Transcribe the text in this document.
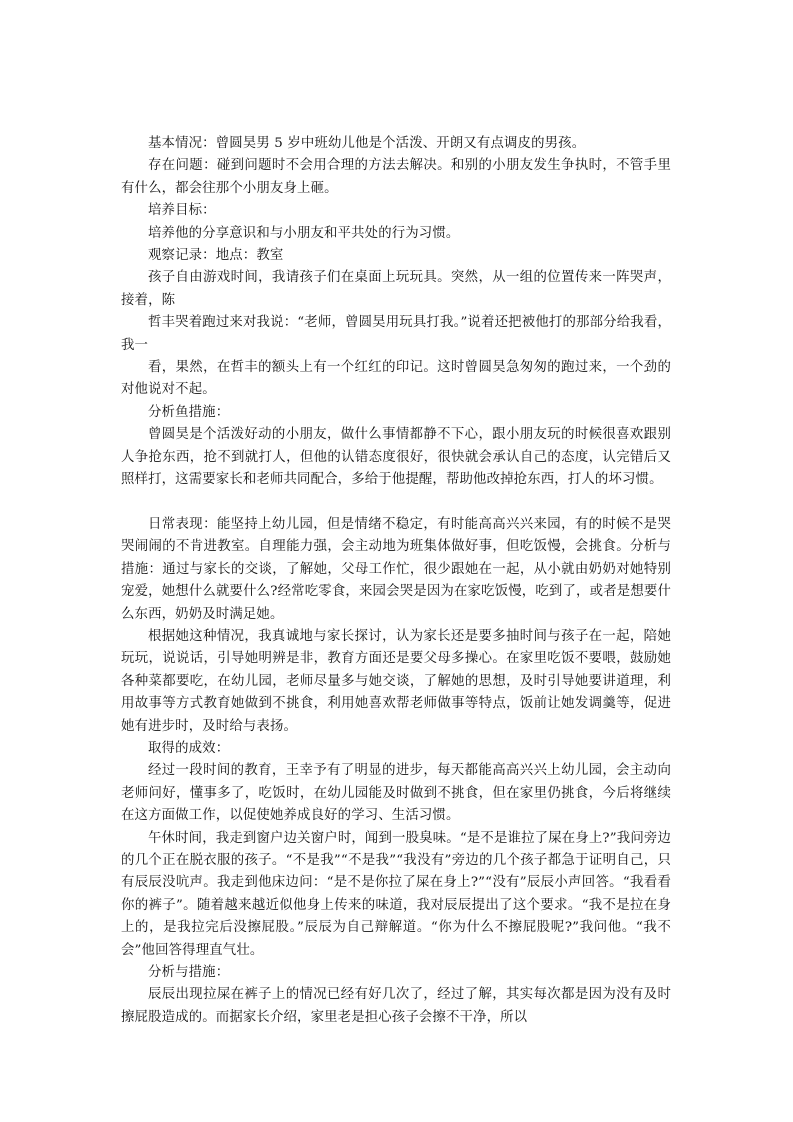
基本情况：曾圆昊男 5 岁中班幼儿他是个活泼、开朗又有点调皮的男孩。

存在问题：碰到问题时不会用合理的方法去解决。和别的小朋友发生争执时，不管手里有什么，都会往那个小朋友身上砸。

培养目标：

培养他的分享意识和与小朋友和平共处的行为习惯。

观察记录：地点：教室

孩子自由游戏时间，我请孩子们在桌面上玩玩具。突然，从一组的位置传来一阵哭声，接着，陈

哲丰哭着跑过来对我说：“老师，曾圆昊用玩具打我。”说着还把被他打的那部分给我看，我一

看，果然，在哲丰的额头上有一个红红的印记。这时曾圆昊急匆匆的跑过来，一个劲的对他说对不起。

分析鱼措施：

曾圆昊是个活泼好动的小朋友，做什么事情都静不下心，跟小朋友玩的时候很喜欢跟别人争抢东西，抢不到就打人，但他的认错态度很好，很快就会承认自己的态度，认完错后又照样打，这需要家长和老师共同配合，多给于他提醒，帮助他改掉抢东西，打人的坏习惯。

日常表现：能坚持上幼儿园，但是情绪不稳定，有时能高高兴兴来园，有的时候不是哭哭闹闹的不肯进教室。自理能力强，会主动地为班集体做好事，但吃饭慢，会挑食。分析与措施：通过与家长的交谈，了解她，父母工作忙，很少跟她在一起，从小就由奶奶对她特别宠爱，她想什么就要什么?经常吃零食，来园会哭是因为在家吃饭慢，吃到了，或者是想要什么东西，奶奶及时满足她。

根据她这种情况，我真诚地与家长探讨，认为家长还是要多抽时间与孩子在一起，陪她玩玩，说说话，引导她明辨是非，教育方面还是要父母多操心。在家里吃饭不要喂，鼓励她各种菜都要吃，在幼儿园，老师尽量多与她交谈，了解她的思想，及时引导她要讲道理，利用故事等方式教育她做到不挑食，利用她喜欢帮老师做事等特点，饭前让她发调羹等，促进她有进步时，及时给与表扬。

取得的成效：

经过一段时间的教育，王幸予有了明显的进步，每天都能高高兴兴上幼儿园，会主动向老师问好，懂事多了，吃饭时，在幼儿园能及时做到不挑食，但在家里仍挑食，今后将继续在这方面做工作，以促使她养成良好的学习、生活习惯。

午休时间，我走到窗户边关窗户时，闻到一股臭味。“是不是谁拉了屎在身上?”我问旁边的几个正在脱衣服的孩子。“不是我”“不是我”“我没有”旁边的几个孩子都急于证明自己，只有辰辰没吭声。我走到他床边问：“是不是你拉了屎在身上?”“没有”辰辰小声回答。“我看看你的裤子”。随着越来越近似他身上传来的味道，我对辰辰提出了这个要求。“我不是拉在身上的，是我拉完后没擦屁股。”辰辰为自己辩解道。“你为什么不擦屁股呢?”我问他。“我不会”他回答得理直气壮。

分析与措施：

辰辰出现拉屎在裤子上的情况已经有好几次了，经过了解，其实每次都是因为没有及时擦屁股造成的。而据家长介绍，家里老是担心孩子会擦不干净，所以
